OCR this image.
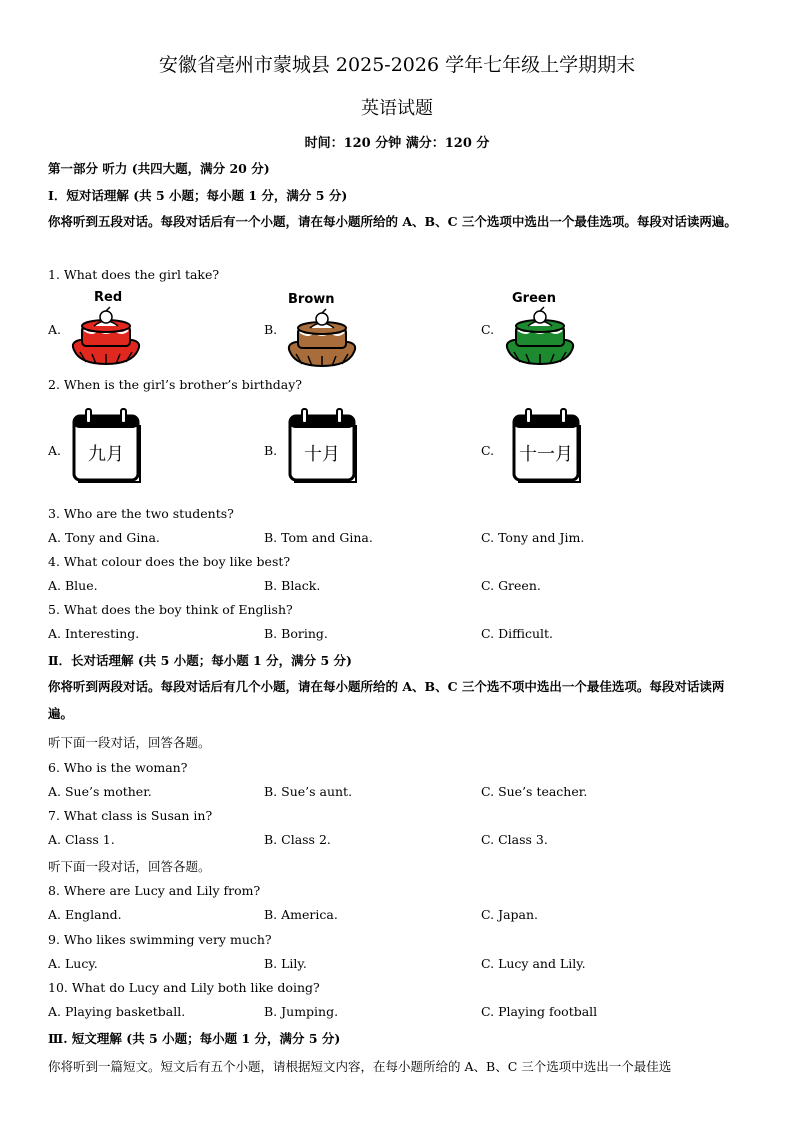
安徽省亳州市蒙城县 2025-2026 学年七年级上学期期末
英语试题
时间：120 分钟 满分：120 分
第一部分 听力 (共四大题，满分 20 分)
Ⅰ．短对话理解 (共 5 小题；每小题 1 分，满分 5 分)
你将听到五段对话。每段对话后有一个小题，请在每小题所给的 A、B、C 三个选项中选出一个最佳选项。每段对话读两遍。
1. What does the girl take?
A.	B.	C.
Red	Brown	Green
2. When is the girl’s brother’s birthday?
A.	B.	C.
九月	十月	十一月
3. Who are the two students?
A. Tony and Gina.	B. Tom and Gina.	C. Tony and Jim.
4. What colour does the boy like best?
A. Blue.	B. Black.	C. Green.
5. What does the boy think of English?
A. Interesting.	B. Boring.	C. Difficult.
Ⅱ．长对话理解 (共 5 小题；每小题 1 分，满分 5 分)
你将听到两段对话。每段对话后有几个小题，请在每小题所给的 A、B、C 三个选不项中选出一个最佳选项。每段对话读两遍。
听下面一段对话，回答各题。
6. Who is the woman?
A. Sue’s mother.	B. Sue’s aunt.	C. Sue’s teacher.
7. What class is Susan in?
A. Class 1.	B. Class 2.	C. Class 3.
听下面一段对话，回答各题。
8. Where are Lucy and Lily from?
A. England.	B. America.	C. Japan.
9. Who likes swimming very much?
A. Lucy.	B. Lily.	C. Lucy and Lily.
10. What do Lucy and Lily both like doing?
A. Playing basketball.	B. Jumping.	C. Playing football
Ⅲ. 短文理解 (共 5 小题；每小题 1 分，满分 5 分)
你将听到一篇短文。短文后有五个小题，请根据短文内容，在每小题所给的 A、B、C 三个选项中选出一个最佳选
